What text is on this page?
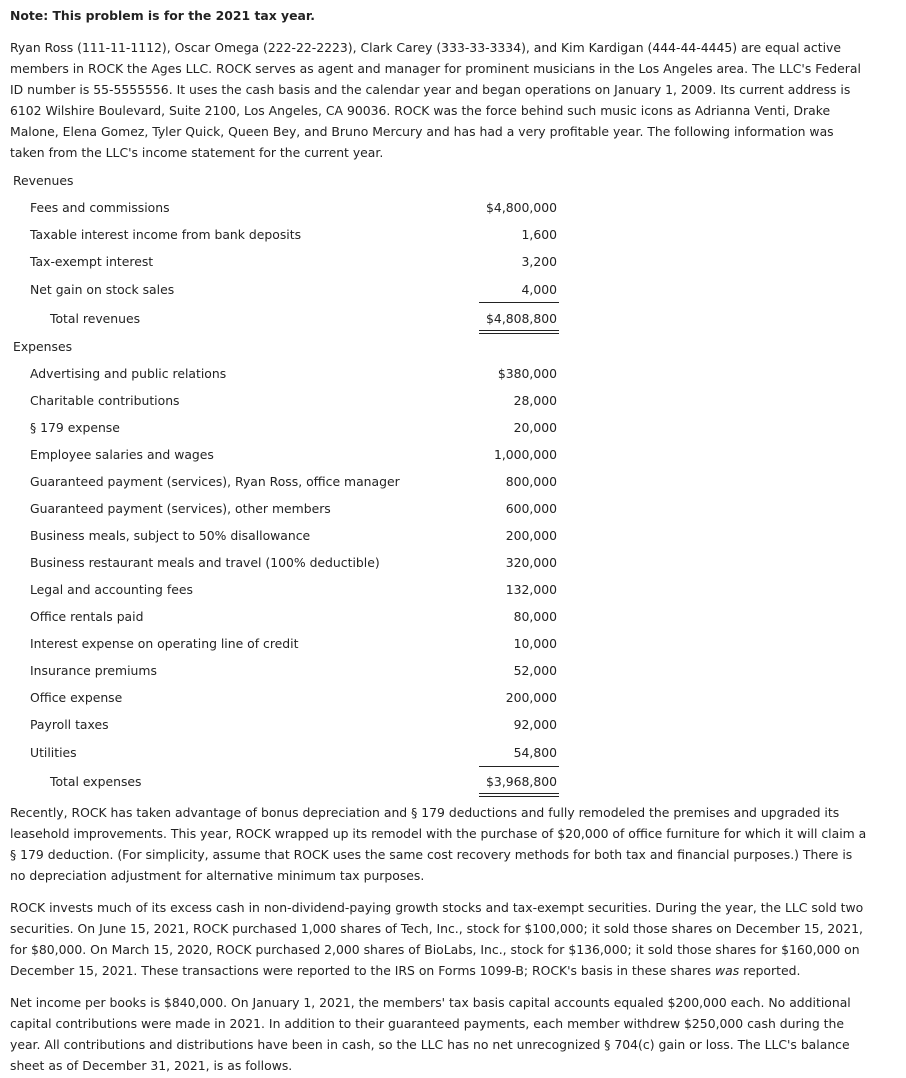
Note: This problem is for the 2021 tax year.

Ryan Ross (111-11-1112), Oscar Omega (222-22-2223), Clark Carey (333-33-3334), and Kim Kardigan (444-44-4445) are equal active members in ROCK the Ages LLC. ROCK serves as agent and manager for prominent musicians in the Los Angeles area. The LLC's Federal ID number is 55-5555556. It uses the cash basis and the calendar year and began operations on January 1, 2009. Its current address is 6102 Wilshire Boulevard, Suite 2100, Los Angeles, CA 90036. ROCK was the force behind such music icons as Adrianna Venti, Drake Malone, Elena Gomez, Tyler Quick, Queen Bey, and Bruno Mercury and has had a very profitable year. The following information was taken from the LLC's income statement for the current year.

Revenues
Fees and commissions	$4,800,000
Taxable interest income from bank deposits	1,600
Tax-exempt interest	3,200
Net gain on stock sales	4,000
Total revenues	$4,808,800
Expenses
Advertising and public relations	$380,000
Charitable contributions	28,000
§ 179 expense	20,000
Employee salaries and wages	1,000,000
Guaranteed payment (services), Ryan Ross, office manager	800,000
Guaranteed payment (services), other members	600,000
Business meals, subject to 50% disallowance	200,000
Business restaurant meals and travel (100% deductible)	320,000
Legal and accounting fees	132,000
Office rentals paid	80,000
Interest expense on operating line of credit	10,000
Insurance premiums	52,000
Office expense	200,000
Payroll taxes	92,000
Utilities	54,800
Total expenses	$3,968,800

Recently, ROCK has taken advantage of bonus depreciation and § 179 deductions and fully remodeled the premises and upgraded its leasehold improvements. This year, ROCK wrapped up its remodel with the purchase of $20,000 of office furniture for which it will claim a § 179 deduction. (For simplicity, assume that ROCK uses the same cost recovery methods for both tax and financial purposes.) There is no depreciation adjustment for alternative minimum tax purposes.

ROCK invests much of its excess cash in non-dividend-paying growth stocks and tax-exempt securities. During the year, the LLC sold two securities. On June 15, 2021, ROCK purchased 1,000 shares of Tech, Inc., stock for $100,000; it sold those shares on December 15, 2021, for $80,000. On March 15, 2020, ROCK purchased 2,000 shares of BioLabs, Inc., stock for $136,000; it sold those shares for $160,000 on December 15, 2021. These transactions were reported to the IRS on Forms 1099-B; ROCK's basis in these shares was reported.

Net income per books is $840,000. On January 1, 2021, the members' tax basis capital accounts equaled $200,000 each. No additional capital contributions were made in 2021. In addition to their guaranteed payments, each member withdrew $250,000 cash during the year. All contributions and distributions have been in cash, so the LLC has no net unrecognized § 704(c) gain or loss. The LLC's balance sheet as of December 31, 2021, is as follows.
